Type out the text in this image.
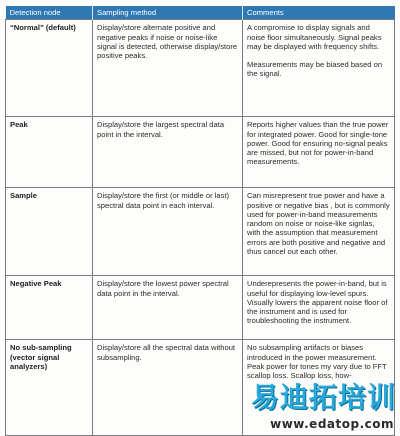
Detection node	Sampling method	Comments
“Normal” (default)	Display/store alternate positive and negative peaks if noise or noise-like signal is detected, otherwise display/store positive peaks.	A compromise to display signals and noise floor simultaneously. Signal peaks may be displayed with frequency shifts.
Measurements may be biased based on the signal.

Peak	Display/store the largest spectral data point in the interval.	Reports higher values than the true power for integrated power. Good for single-tone power. Good for ensuring no-signal peaks are missed, but not for power-in-band measurements.
Sample	Display/store the first (or middle or last) spectral data point in each interval.	Can misrepresent true power and have a positive or negative bias , but is commonly used for power-in-band measurements random on noise or noise-like signlas, with the assumption that measurement errors are both positive and negative and thus cancel out each other.
Negative Peak	Display/store the lowest power spectral data point in the interval.	Underepresents the power-in-band, but is useful for displaying low-level spurs. Visually lowers the apparent noise floor of the instrument and is used for troubleshooting the instrument.
No sub-sampling (vector signal analyzers)	Display/store all the spectral data without subsampling.	No subsampling artifacts or biases introduced in the power measurement. Peak power for tones my vary due to FFT scallop loss. Scallop loss, how-
易迪拓培训
www.edatop.com
